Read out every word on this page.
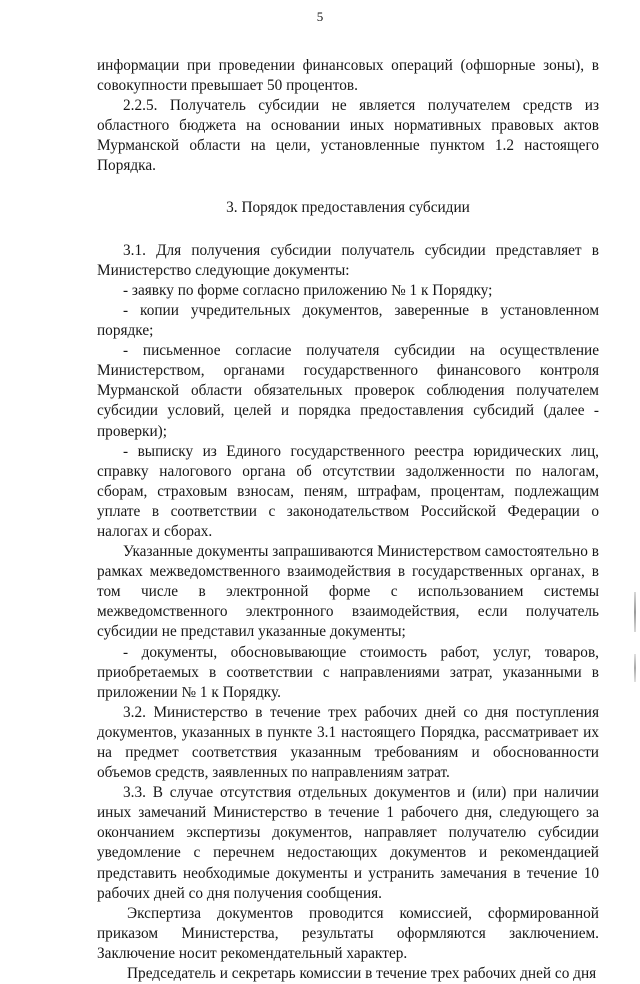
5

информации при проведении финансовых операций (офшорные зоны), в совокупности превышает 50 процентов.

2.2.5. Получатель субсидии не является получателем средств из областного бюджета на основании иных нормативных правовых актов Мурманской области на цели, установленные пунктом 1.2 настоящего Порядка.

3. Порядок предоставления субсидии

3.1. Для получения субсидии получатель субсидии представляет в Министерство следующие документы:

- заявку по форме согласно приложению № 1 к Порядку;

- копии учредительных документов, заверенные в установленном порядке;

- письменное согласие получателя субсидии на осуществление Министерством, органами государственного финансового контроля Мурманской области обязательных проверок соблюдения получателем субсидии условий, целей и порядка предоставления субсидий (далее - проверки);

- выписку из Единого государственного реестра юридических лиц, справку налогового органа об отсутствии задолженности по налогам, сборам, страховым взносам, пеням, штрафам, процентам, подлежащим уплате в соответствии с законодательством Российской Федерации о налогах и сборах.

Указанные документы запрашиваются Министерством самостоятельно в рамках межведомственного взаимодействия в государственных органах, в том числе в электронной форме с использованием системы межведомственного электронного взаимодействия, если получатель субсидии не представил указанные документы;

- документы, обосновывающие стоимость работ, услуг, товаров, приобретаемых в соответствии с направлениями затрат, указанными в приложении № 1 к Порядку.

3.2. Министерство в течение трех рабочих дней со дня поступления документов, указанных в пункте 3.1 настоящего Порядка, рассматривает их на предмет соответствия указанным требованиям и обоснованности объемов средств, заявленных по направлениям затрат.

3.3. В случае отсутствия отдельных документов и (или) при наличии иных замечаний Министерство в течение 1 рабочего дня, следующего за окончанием экспертизы документов, направляет получателю субсидии уведомление с перечнем недостающих документов и рекомендацией представить необходимые документы и устранить замечания в течение 10 рабочих дней со дня получения сообщения.

Экспертиза документов проводится комиссией, сформированной приказом Министерства, результаты оформляются заключением. Заключение носит рекомендательный характер.

Председатель и секретарь комиссии в течение трех рабочих дней со дня
